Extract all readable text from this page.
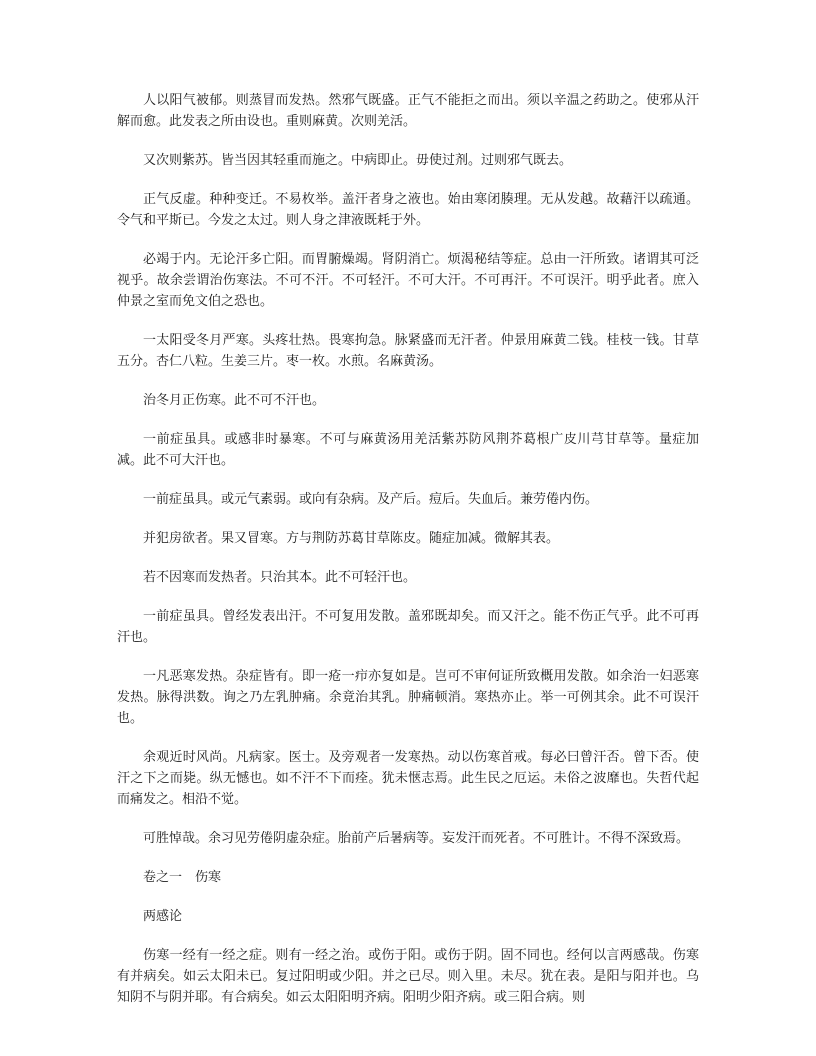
人以阳气被郁。则蒸冒而发热。然邪气既盛。正气不能拒之而出。须以辛温之药助之。使邪从汗解而愈。此发表之所由设也。重则麻黄。次则羌活。

又次则紫苏。皆当因其轻重而施之。中病即止。毋使过剂。过则邪气既去。

正气反虚。种种变迁。不易枚举。盖汗者身之液也。始由寒闭腠理。无从发越。故藉汗以疏通。令气和平斯已。今发之太过。则人身之津液既耗于外。

必竭于内。无论汗多亡阳。而胃腑燥竭。肾阴消亡。烦渴秘结等症。总由一汗所致。诸谓其可泛视乎。故余尝谓治伤寒法。不可不汗。不可轻汗。不可大汗。不可再汗。不可误汗。明乎此者。庶入仲景之室而免文伯之恐也。

一太阳受冬月严寒。头疼壮热。畏寒拘急。脉紧盛而无汗者。仲景用麻黄二钱。桂枝一钱。甘草五分。杏仁八粒。生姜三片。枣一枚。水煎。名麻黄汤。

治冬月正伤寒。此不可不汗也。

一前症虽具。或感非时暴寒。不可与麻黄汤用羌活紫苏防风荆芥葛根广皮川芎甘草等。量症加减。此不可大汗也。

一前症虽具。或元气素弱。或向有杂病。及产后。痘后。失血后。兼劳倦内伤。

并犯房欲者。果又冒寒。方与荆防苏葛甘草陈皮。随症加减。微解其表。

若不因寒而发热者。只治其本。此不可轻汗也。

一前症虽具。曾经发表出汗。不可复用发散。盖邪既却矣。而又汗之。能不伤正气乎。此不可再汗也。

一凡恶寒发热。杂症皆有。即一疮一疖亦复如是。岂可不审何证所致概用发散。如余治一妇恶寒发热。脉得洪数。询之乃左乳肿痛。余竟治其乳。肿痛顿消。寒热亦止。举一可例其余。此不可误汗也。

余观近时风尚。凡病家。医士。及旁观者一发寒热。动以伤寒首戒。每必曰曾汗否。曾下否。使汗之下之而毙。纵无憾也。如不汗不下而痊。犹未惬志焉。此生民之厄运。未俗之波靡也。失哲代起而痛发之。相沿不觉。

可胜悼哉。余习见劳倦阴虚杂症。胎前产后暑病等。妄发汗而死者。不可胜计。不得不深致焉。

卷之一　伤寒

两感论

伤寒一经有一经之症。则有一经之治。或伤于阳。或伤于阴。固不同也。经何以言两感哉。伤寒有并病矣。如云太阳未已。复过阳明或少阳。并之已尽。则入里。未尽。犹在表。是阳与阳并也。乌知阴不与阴并耶。有合病矣。如云太阳阳明齐病。阳明少阳齐病。或三阳合病。则
